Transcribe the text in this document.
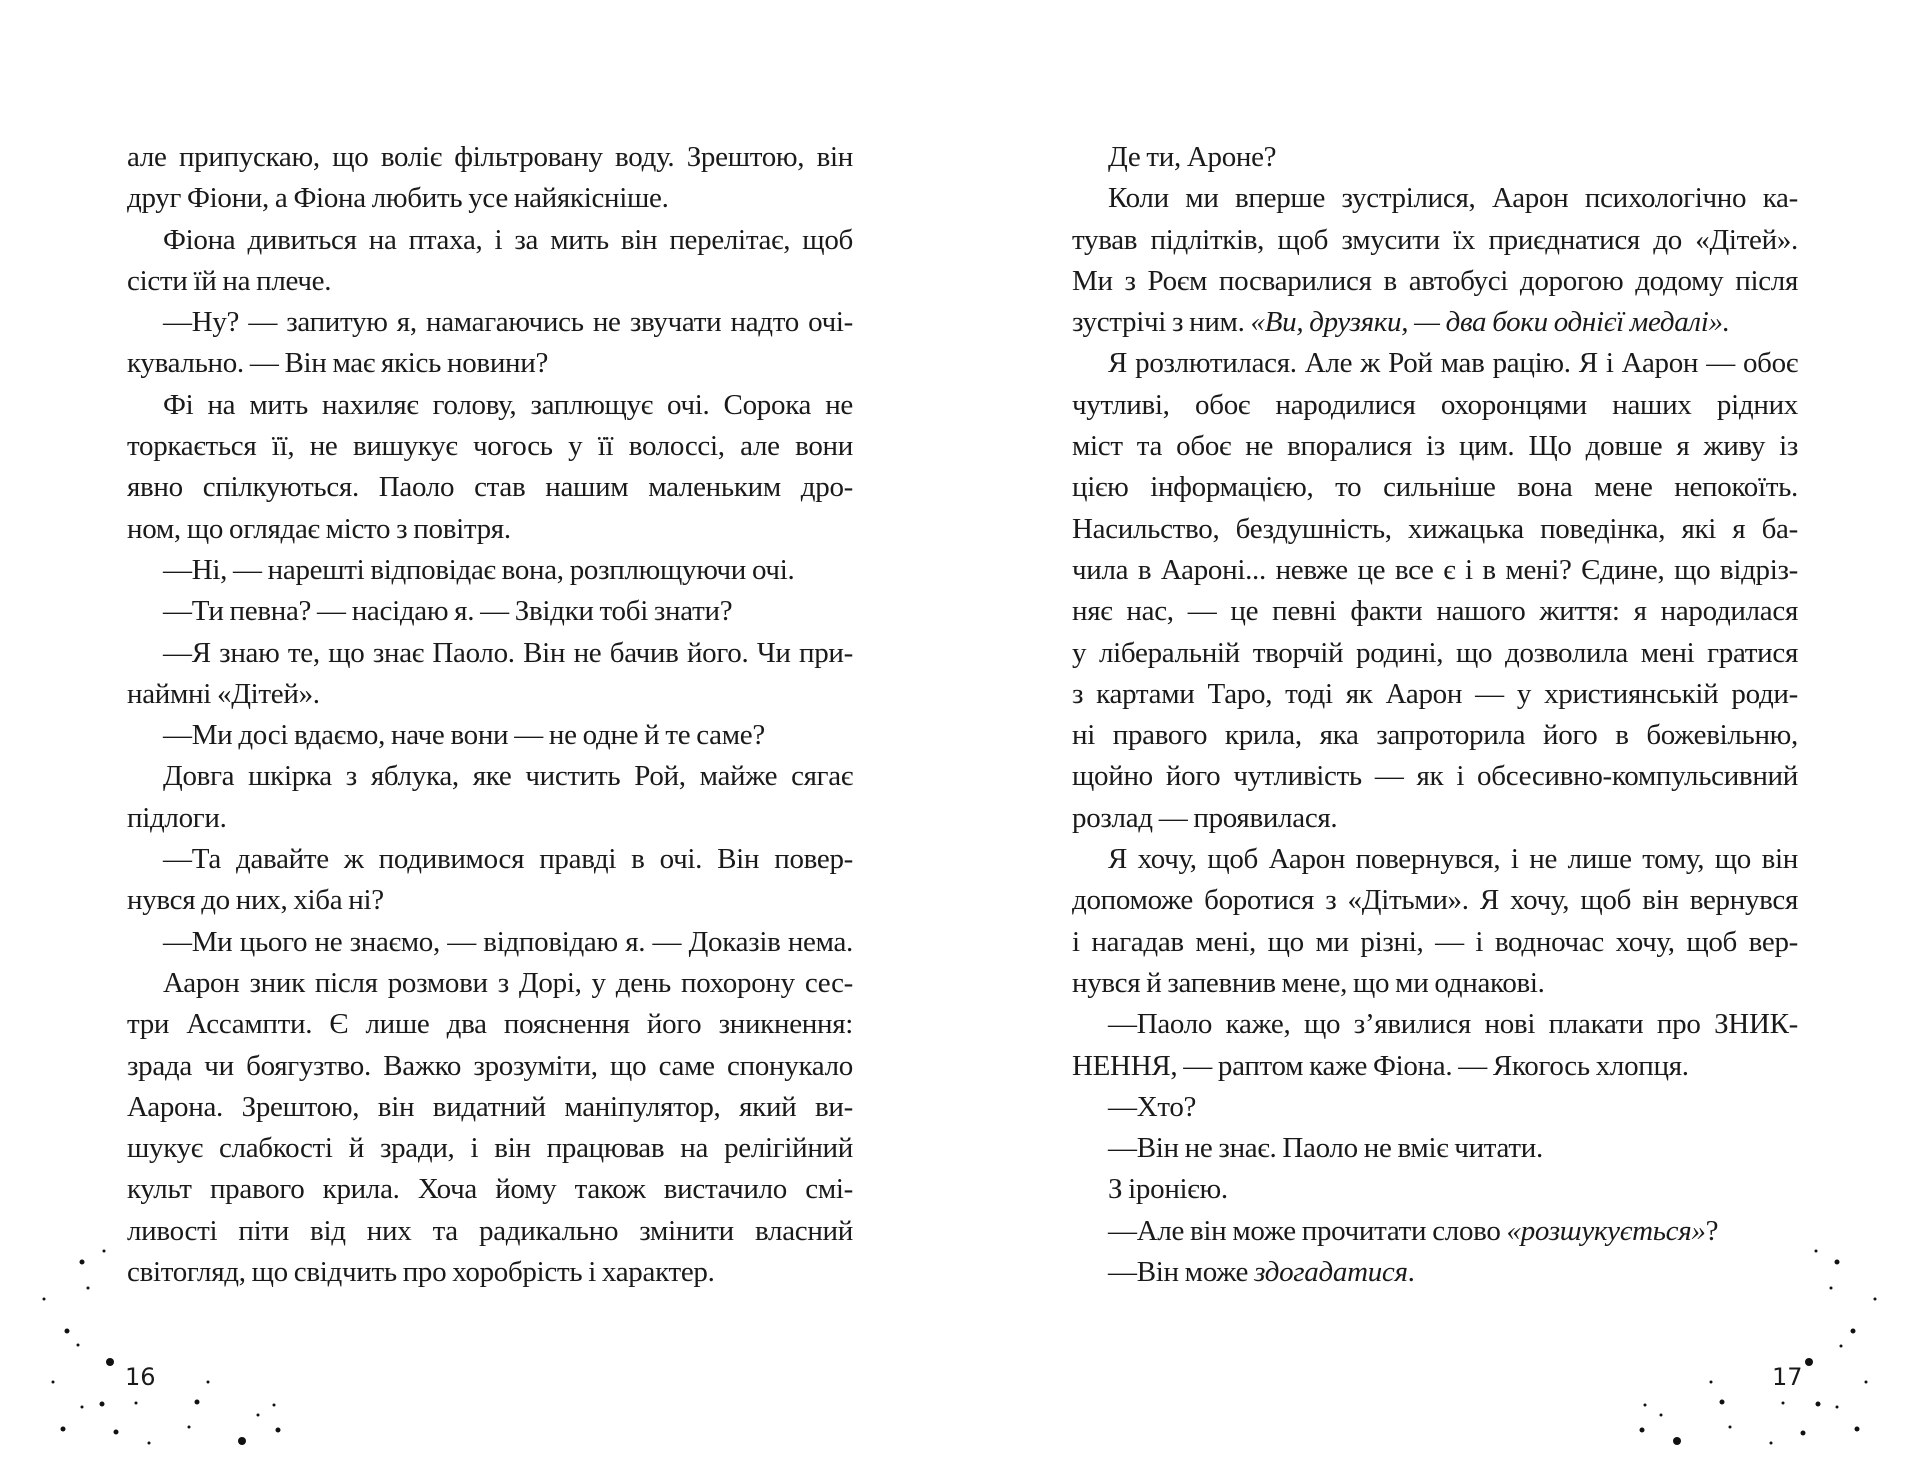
але припускаю, що воліє фільтровану воду. Зрештою, він
друг Фіони, а Фіона любить усе найякісніше.
Фіона дивиться на птаха, і за мить він перелітає, щоб
сісти їй на плече.
—Ну? — запитую я, намагаючись не звучати надто очі-
кувально. — Він має якісь новини?
Фі на мить нахиляє голову, заплющує очі. Сорока не
торкається її, не вишукує чогось у її волоссі, але вони
явно спілкуються. Паоло став нашим маленьким дро-
ном, що оглядає місто з повітря.
—Ні, — нарешті відповідає вона, розплющуючи очі.
—Ти певна? — насідаю я. — Звідки тобі знати?
—Я знаю те, що знає Паоло. Він не бачив його. Чи при-
наймні «Дітей».
—Ми досі вдаємо, наче вони — не одне й те саме?
Довга шкірка з яблука, яке чистить Рой, майже сягає
підлоги.
—Та давайте ж подивимося правді в очі. Він повер-
нувся до них, хіба ні?
—Ми цього не знаємо, — відповідаю я. — Доказів нема.
Аарон зник після розмови з Дорі, у день похорону сес-
три Ассампти. Є лише два пояснення його зникнення:
зрада чи боягузтво. Важко зрозуміти, що саме спонукало
Аарона. Зрештою, він видатний маніпулятор, який ви-
шукує слабкості й зради, і він працював на релігійний
культ правого крила. Хоча йому також вистачило смі-
ливості піти від них та радикально змінити власний
світогляд, що свідчить про хоробрість і характер.
16
Де ти, Ароне?
Коли ми вперше зустрілися, Аарон психологічно ка-
тував підлітків, щоб змусити їх приєднатися до «Дітей».
Ми з Роєм посварилися в автобусі дорогою додому після
зустрічі з ним. «Ви, друзяки, — два боки однієї медалі».
Я розлютилася. Але ж Рой мав рацію. Я і Аарон — обоє
чутливі, обоє народилися охоронцями наших рідних
міст та обоє не впоралися із цим. Що довше я живу із
цією інформацією, то сильніше вона мене непокоїть.
Насильство, бездушність, хижацька поведінка, які я ба-
чила в Аароні... невже це все є і в мені? Єдине, що відріз-
няє нас, — це певні факти нашого життя: я народилася
у ліберальній творчій родині, що дозволила мені гратися
з картами Таро, тоді як Аарон — у християнській роди-
ні правого крила, яка запроторила його в божевільню,
щойно його чутливість — як і обсесивно-компульсивний
розлад — проявилася.
Я хочу, щоб Аарон повернувся, і не лише тому, що він
допоможе боротися з «Дітьми». Я хочу, щоб він вернувся
і нагадав мені, що ми різні, — і водночас хочу, щоб вер-
нувся й запевнив мене, що ми однакові.
—Паоло каже, що з’явилися нові плакати про ЗНИК-
НЕННЯ, — раптом каже Фіона. — Якогось хлопця.
—Хто?
—Він не знає. Паоло не вміє читати.
З іронією.
—Але він може прочитати слово «розшукується»?
—Він може здогадатися.
17
